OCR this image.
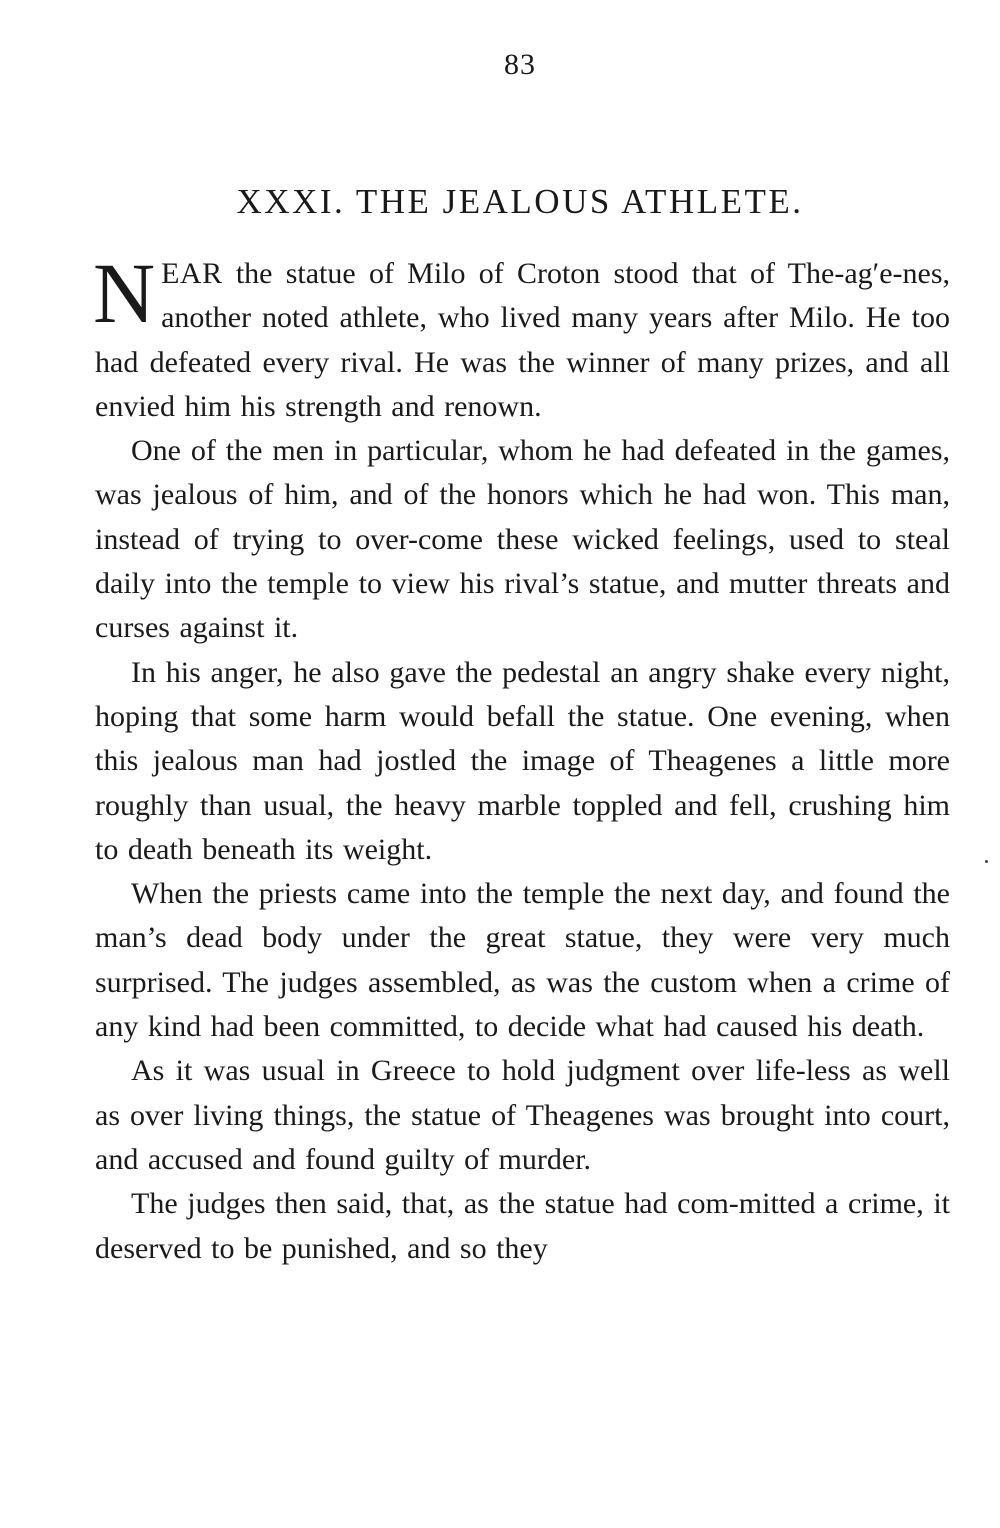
83
XXXI. THE JEALOUS ATHLETE.

NEAR the statue of Milo of Croton stood that of The-ag′e-nes, another noted athlete, who lived many years after Milo. He too had defeated every rival. He was the winner of many prizes, and all envied him his strength and renown.

One of the men in particular, whom he had defeated in the games, was jealous of him, and of the honors which he had won. This man, instead of trying to over-come these wicked feelings, used to steal daily into the temple to view his rival’s statue, and mutter threats and curses against it.

In his anger, he also gave the pedestal an angry shake every night, hoping that some harm would befall the statue. One evening, when this jealous man had jostled the image of Theagenes a little more roughly than usual, the heavy marble toppled and fell, crushing him to death beneath its weight.

When the priests came into the temple the next day, and found the man’s dead body under the great statue, they were very much surprised. The judges assembled, as was the custom when a crime of any kind had been committed, to decide what had caused his death.

As it was usual in Greece to hold judgment over life-less as well as over living things, the statue of Theagenes was brought into court, and accused and found guilty of murder.

The judges then said, that, as the statue had com-mitted a crime, it deserved to be punished, and so they
